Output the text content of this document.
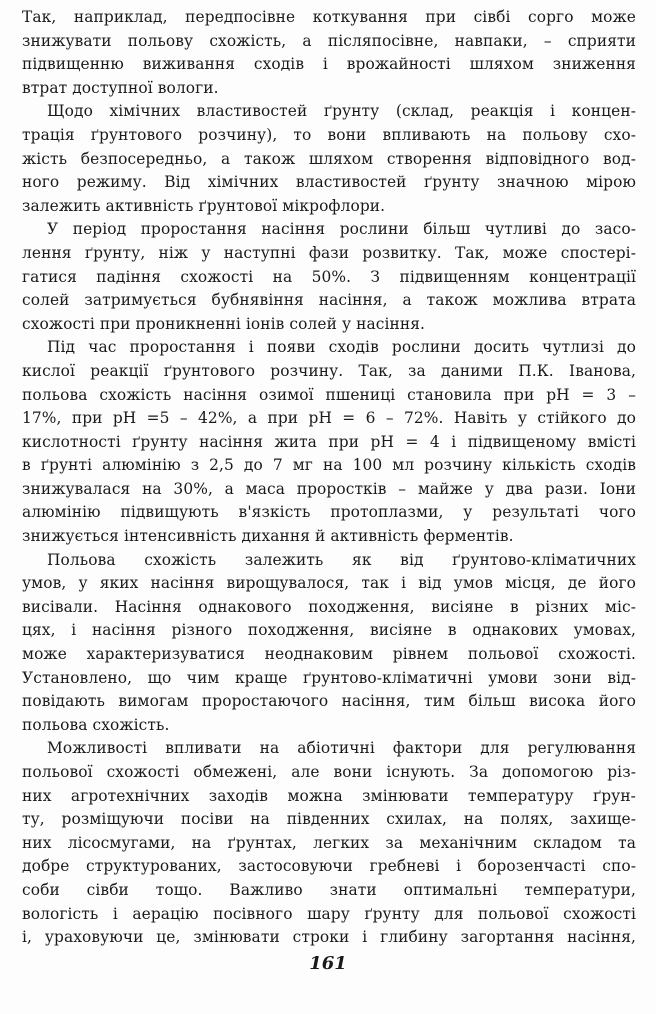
Так, наприклад, передпосівне коткування при сівбі сорго може
знижувати польову схожість, а післяпосівне, навпаки, – сприяти
підвищенню виживання сходів і врожайності шляхом зниження
втрат доступної вологи.
Щодо хімічних властивостей ґрунту (склад, реакція і концен-
трація ґрунтового розчину), то вони впливають на польову схо-
жість безпосередньо, а також шляхом створення відповідного вод-
ного режиму. Від хімічних властивостей ґрунту значною мірою
залежить активність ґрунтової мікрофлори.
У період проростання насіння рослини більш чутливі до засо-
лення ґрунту, ніж у наступні фази розвитку. Так, може спостері-
гатися падіння схожості на 50%. З підвищенням концентрації
солей затримується бубнявіння насіння, а також можлива втрата
схожості при проникненні іонів солей у насіння.
Під час проростання і появи сходів рослини досить чутлизі до
кислої реакції ґрунтового розчину. Так, за даними П.К. Іванова,
польова схожість насіння озимої пшениці становила при pH = 3 –
17%, при pH =5 – 42%, а при pH = 6 – 72%. Навіть у стійкого до
кислотності ґрунту насіння жита при pH = 4 і підвищеному вмісті
в ґрунті алюмінію з 2,5 до 7 мг на 100 мл розчину кількість сходів
знижувалася на 30%, а маса проростків – майже у два рази. Іони
алюмінію підвищують в'язкість протоплазми, у результаті чого
знижується інтенсивність дихання й активність ферментів.
Польова схожість залежить як від ґрунтово-кліматичних
умов, у яких насіння вирощувалося, так і від умов місця, де його
висівали. Насіння однакового походження, висіяне в різних міс-
цях, і насіння різного походження, висіяне в однакових умовах,
може характеризуватися неоднаковим рівнем польової схожості.
Установлено, що чим краще ґрунтово-кліматичні умови зони від-
повідають вимогам проростаючого насіння, тим більш висока його
польова схожість.
Можливості впливати на абіотичні фактори для регулювання
польової схожості обмежені, але вони існують. За допомогою різ-
них агротехнічних заходів можна змінювати температуру ґрун-
ту, розміщуючи посіви на південних схилах, на полях, захище-
них лісосмугами, на ґрунтах, легких за механічним складом та
добре структурованих, застосовуючи гребневі і борозенчасті спо-
соби сівби тощо. Важливо знати оптимальні температури,
вологість і аерацію посівного шару ґрунту для польової схожості
і, ураховуючи це, змінювати строки і глибину загортання насіння,
161
